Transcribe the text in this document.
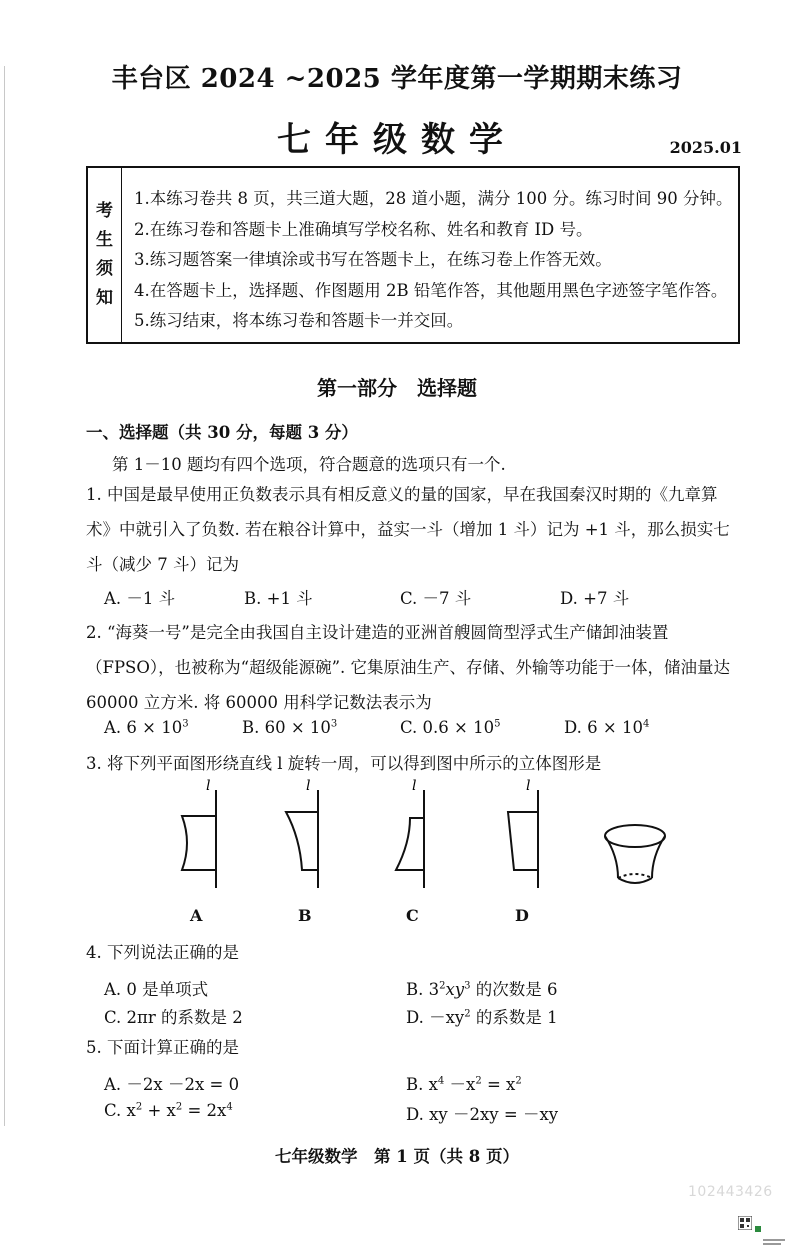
丰台区 2024 ~2025 学年度第一学期期末练习
七年级数学	2025.01
考
生
须
知
1.本练习卷共 8 页，共三道大题，28 道小题，满分 100 分。练习时间 90 分钟。
2.在练习卷和答题卡上准确填写学校名称、姓名和教育 ID 号。
3.练习题答案一律填涂或书写在答题卡上，在练习卷上作答无效。
4.在答题卡上，选择题、作图题用 2B 铅笔作答，其他题用黑色字迹签字笔作答。
5.练习结束，将本练习卷和答题卡一并交回。
第一部分　选择题
一、选择题（共 30 分，每题 3 分）
第 1－10 题均有四个选项，符合题意的选项只有一个.

1. 中国是最早使用正负数表示具有相反意义的量的国家，早在我国秦汉时期的《九章算

术》中就引入了负数. 若在粮谷计算中，益实一斗（增加 1 斗）记为 +1 斗，那么损实七

斗（减少 7 斗）记为

A. －1 斗	B. +1 斗	C. －7 斗	D. +7 斗

2. “海葵一号”是完全由我国自主设计建造的亚洲首艘圆筒型浮式生产储卸油装置

（FPSO），也被称为“超级能源碗”. 它集原油生产、存储、外输等功能于一体，储油量达

60000 立方米. 将 60000 用科学记数法表示为

A. $6 \times 10^3$	B. $60 \times 10^3$	C. $0.6 \times 10^5$	D. $6 \times 10^4$

3. 将下列平面图形绕直线 l 旋转一周，可以得到图中所示的立体图形是

l	l	l	l
A	B	C	D

4. 下列说法正确的是

A. 0 是单项式	B. $3^2xy^3$ 的次数是 6
C. 2πr 的系数是 2	D. $-xy^2$ 的系数是 1

5. 下面计算正确的是

A. －2x －2x = 0	B. $x^4 -x^2 = x^2$
C. $x^2 + x^2 = 2x^4$	D. xy －2xy = －xy
七年级数学　第 1 页（共 8 页）
102443426
